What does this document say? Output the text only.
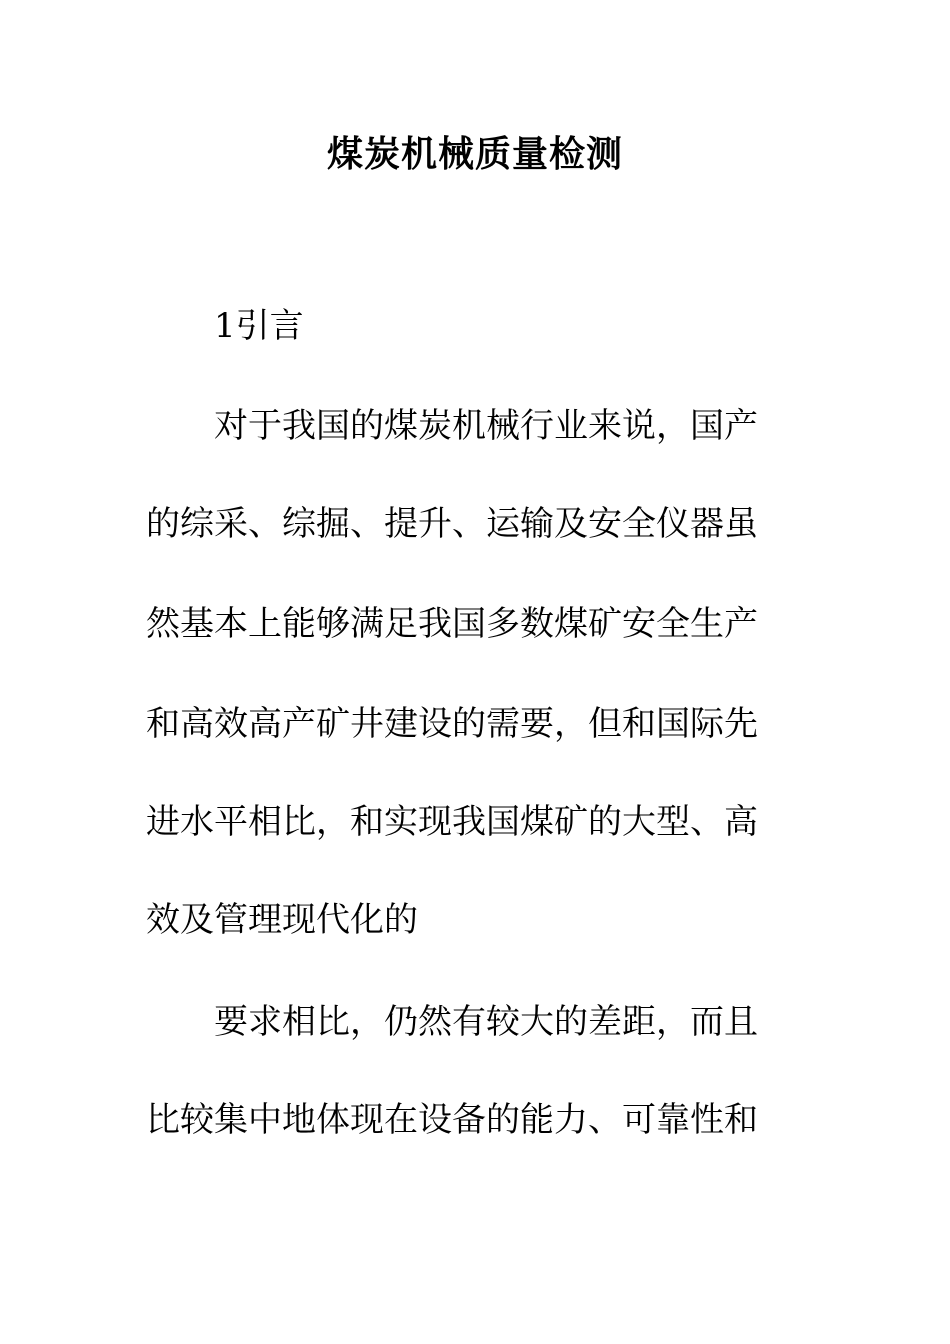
煤炭机械质量检测
1引言
对于我国的煤炭机械行业来说，国产
的综采、综掘、提升、运输及安全仪器虽
然基本上能够满足我国多数煤矿安全生产
和高效高产矿井建设的需要，但和国际先
进水平相比，和实现我国煤矿的大型、高
效及管理现代化的
要求相比，仍然有较大的差距，而且
比较集中地体现在设备的能力、可靠性和
